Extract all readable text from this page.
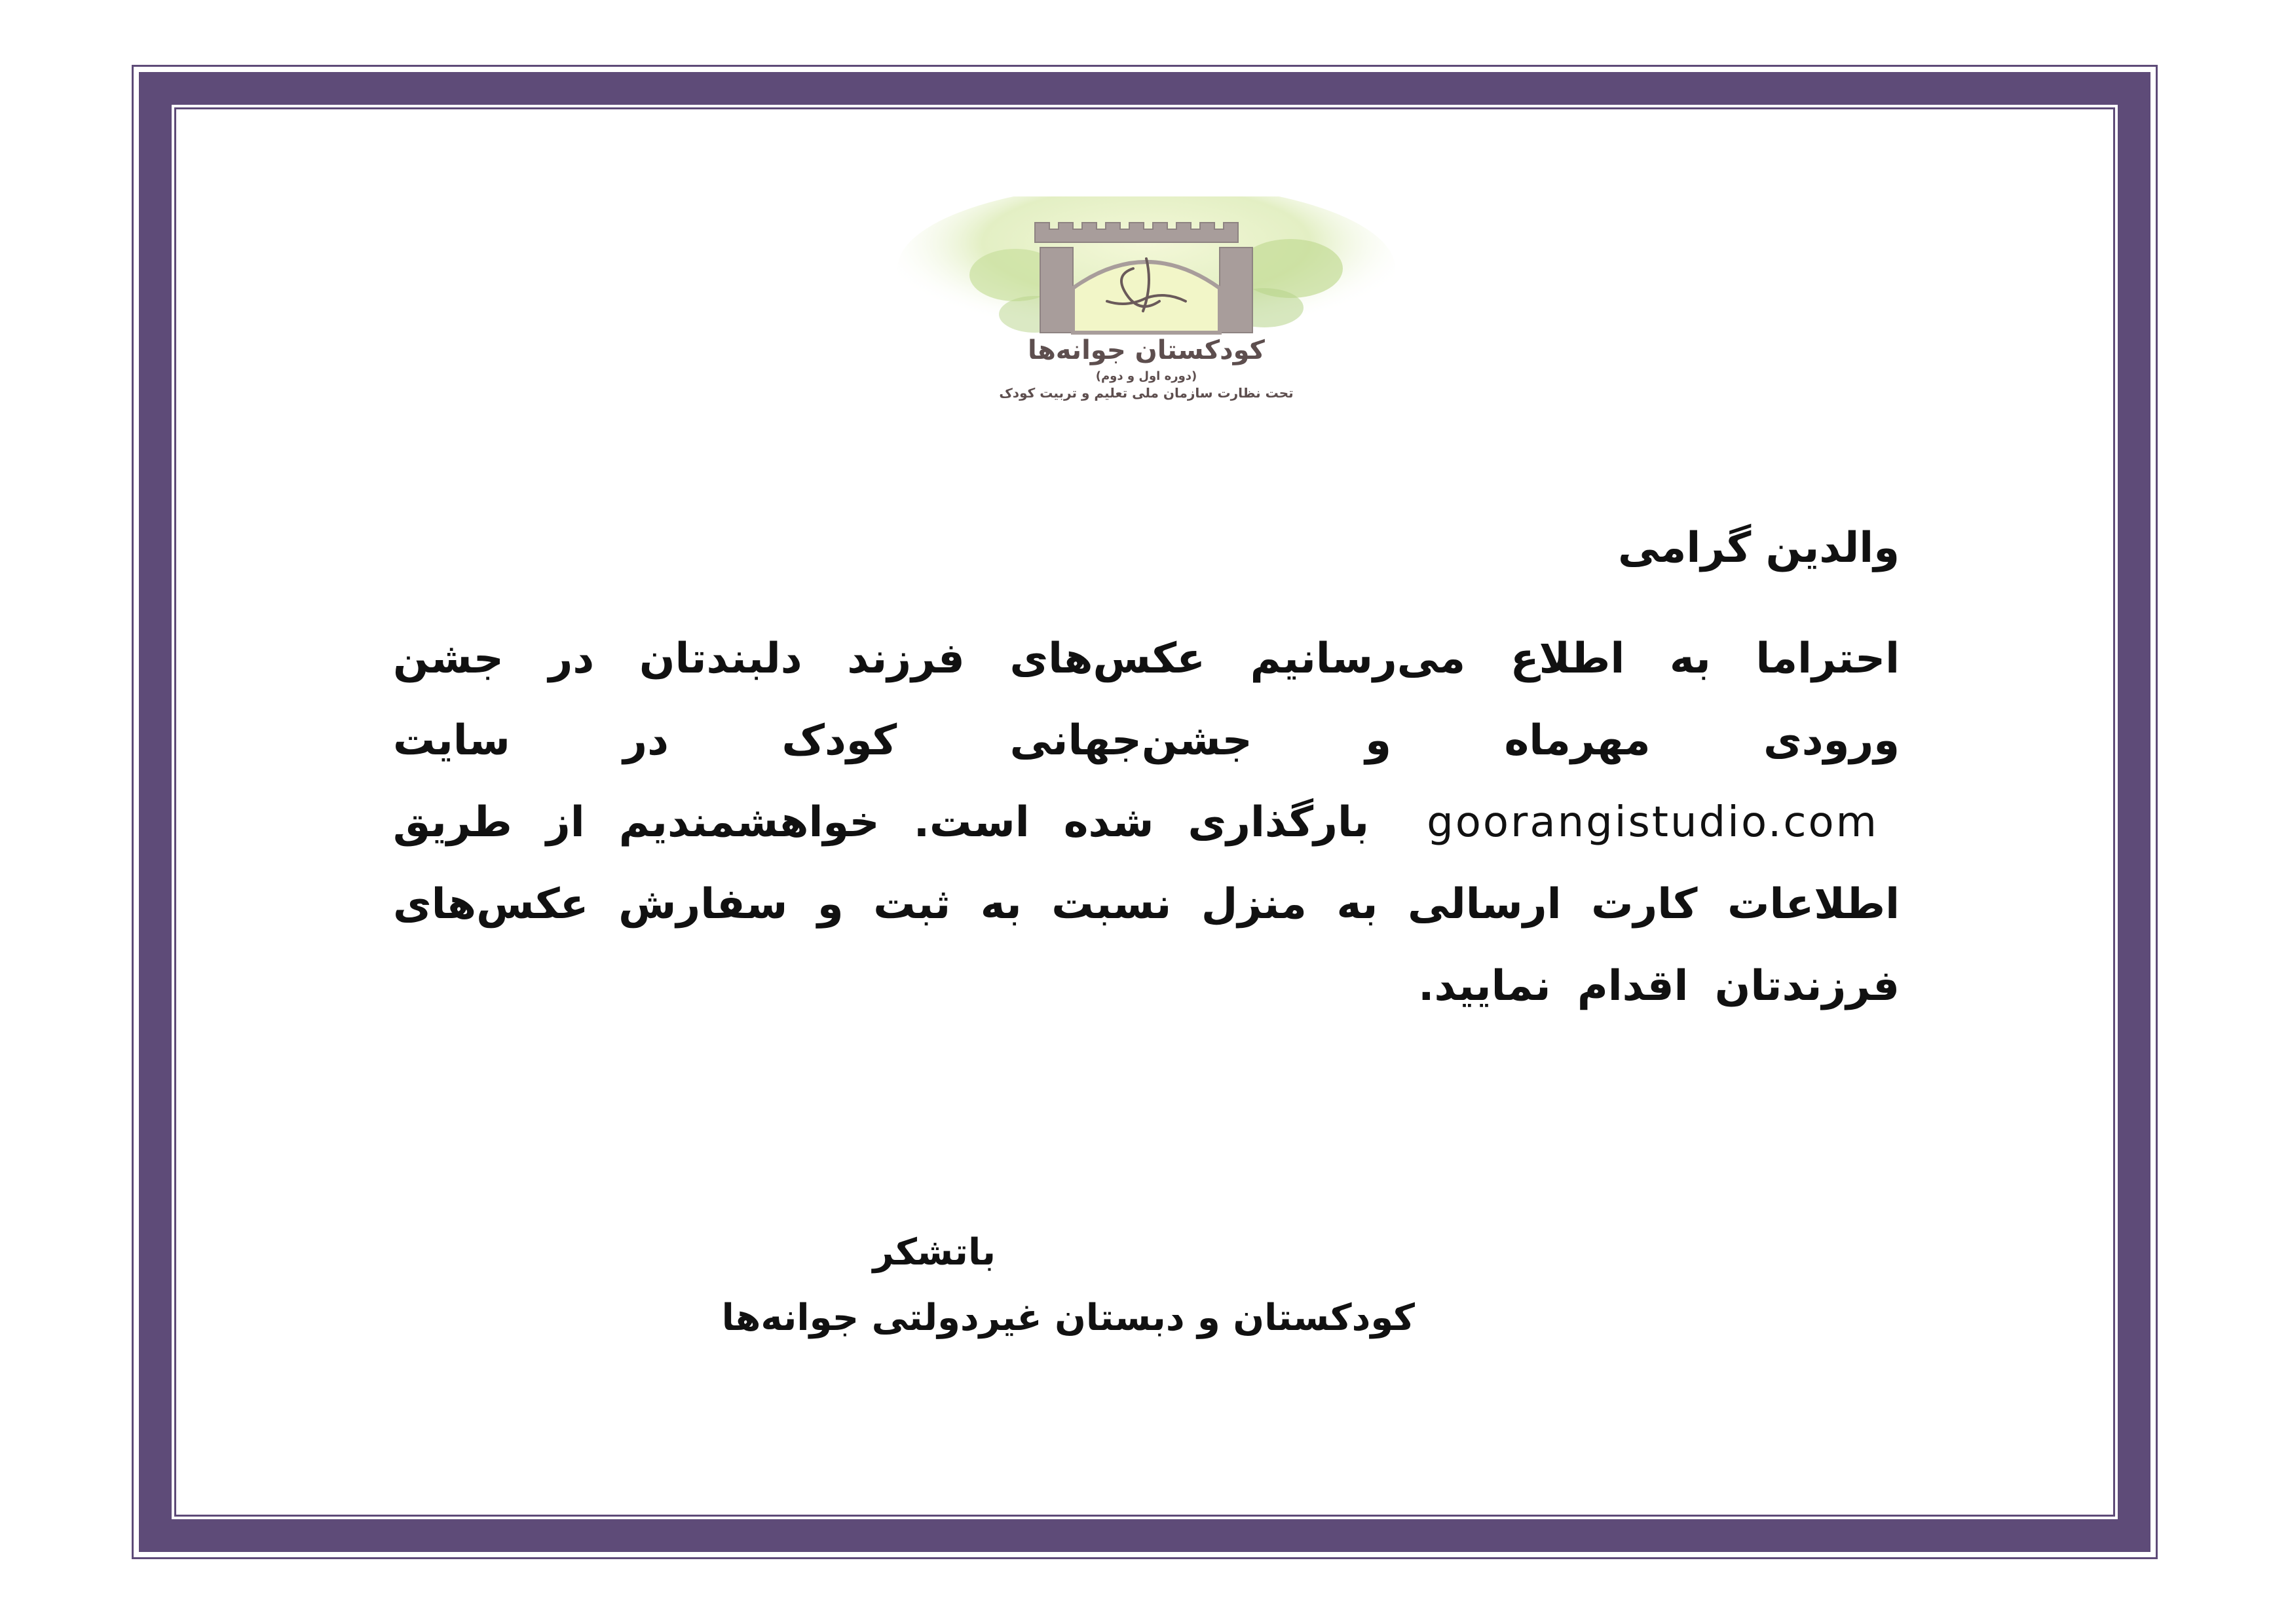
کودکستان جوانه‌ها
(دوره اول و دوم)
تحت نظارت سازمان ملی تعلیم و تربیت کودک

والدین گرامی

احتراما به اطلاع می‌رسانیم عکس‌های فرزند دلبندتان در جشن ورودی مهرماه و جشن‌جهانی کودک در سایت goorangistudio.com بارگذاری شده است. خواهشمندیم از طریق اطلاعات کارت ارسالی به منزل نسبت به ثبت و سفارش عکس‌های فرزندتان اقدام نمایید.

باتشکر
کودکستان و دبستان غیردولتی جوانه‌ها
